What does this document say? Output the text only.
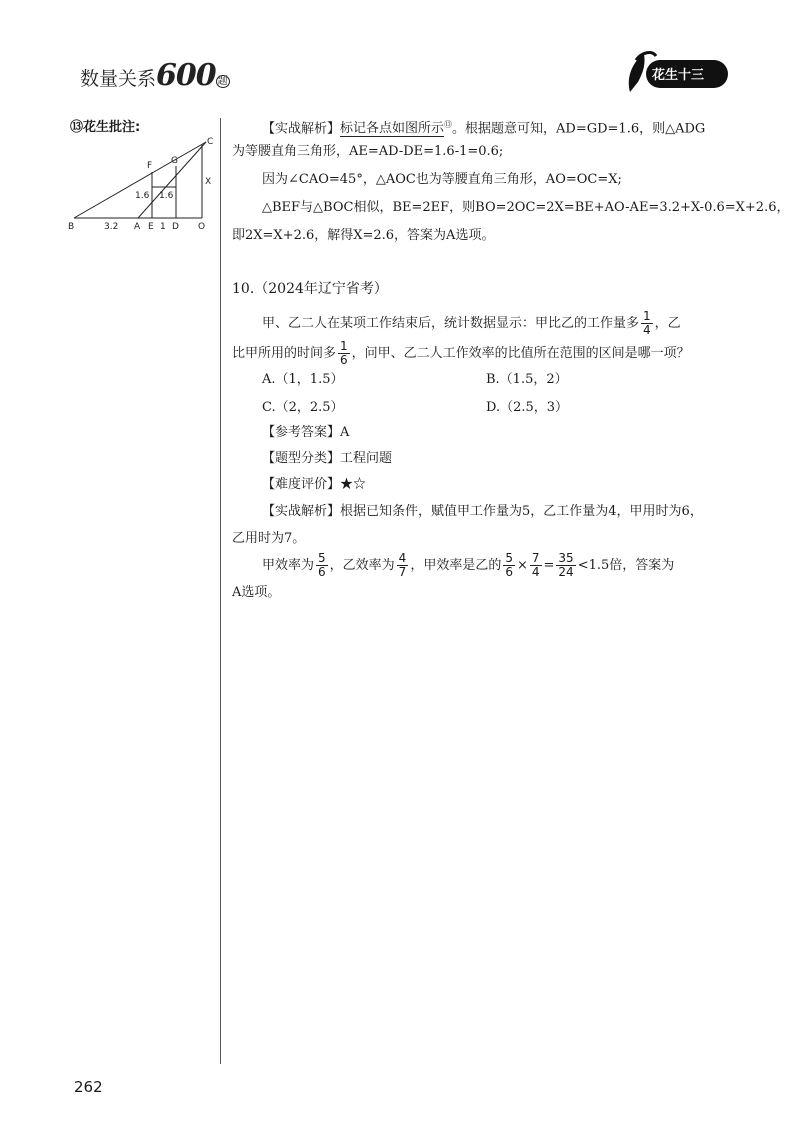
数量关系600 题	花生十三
⑬花生批注:
B	3.2 A E 1 D O
C
F G
1.6 1.6
X
【实战解析】标记各点如图所示⑬。根据题意可知，AD=GD=1.6，则△ADG
为等腰直角三角形，AE=AD-DE=1.6-1=0.6;
因为∠CAO=45°，△AOC也为等腰直角三角形，AO=OC=X;
△BEF与△BOC相似，BE=2EF，则BO=2OC=2X=BE+AO-AE=3.2+X-0.6=X+2.6，
即2X=X+2.6，解得X=2.6，答案为A选项。
10.（2024年辽宁省考）
甲、乙二人在某项工作结束后，统计数据显示：甲比乙的工作量多 $\frac{1}{4}$ ，乙
比甲所用的时间多 $\frac{1}{6}$ ，问甲、乙二人工作效率的比值所在范围的区间是哪一项？
A.（1，1.5）	B.（1.5，2）
C.（2，2.5）	D.（2.5，3）
【参考答案】A
【题型分类】工程问题
【难度评价】★☆
【实战解析】根据已知条件，赋值甲工作量为5，乙工作量为4，甲用时为6，
乙用时为7。
甲效率为 $\frac{5}{6}$ ，乙效率为 $\frac{4}{7}$ ，甲效率是乙的 $\frac{5}{6} \times \frac{7}{4} = \frac{35}{24} <1.5$倍，答案为
A选项。
262
